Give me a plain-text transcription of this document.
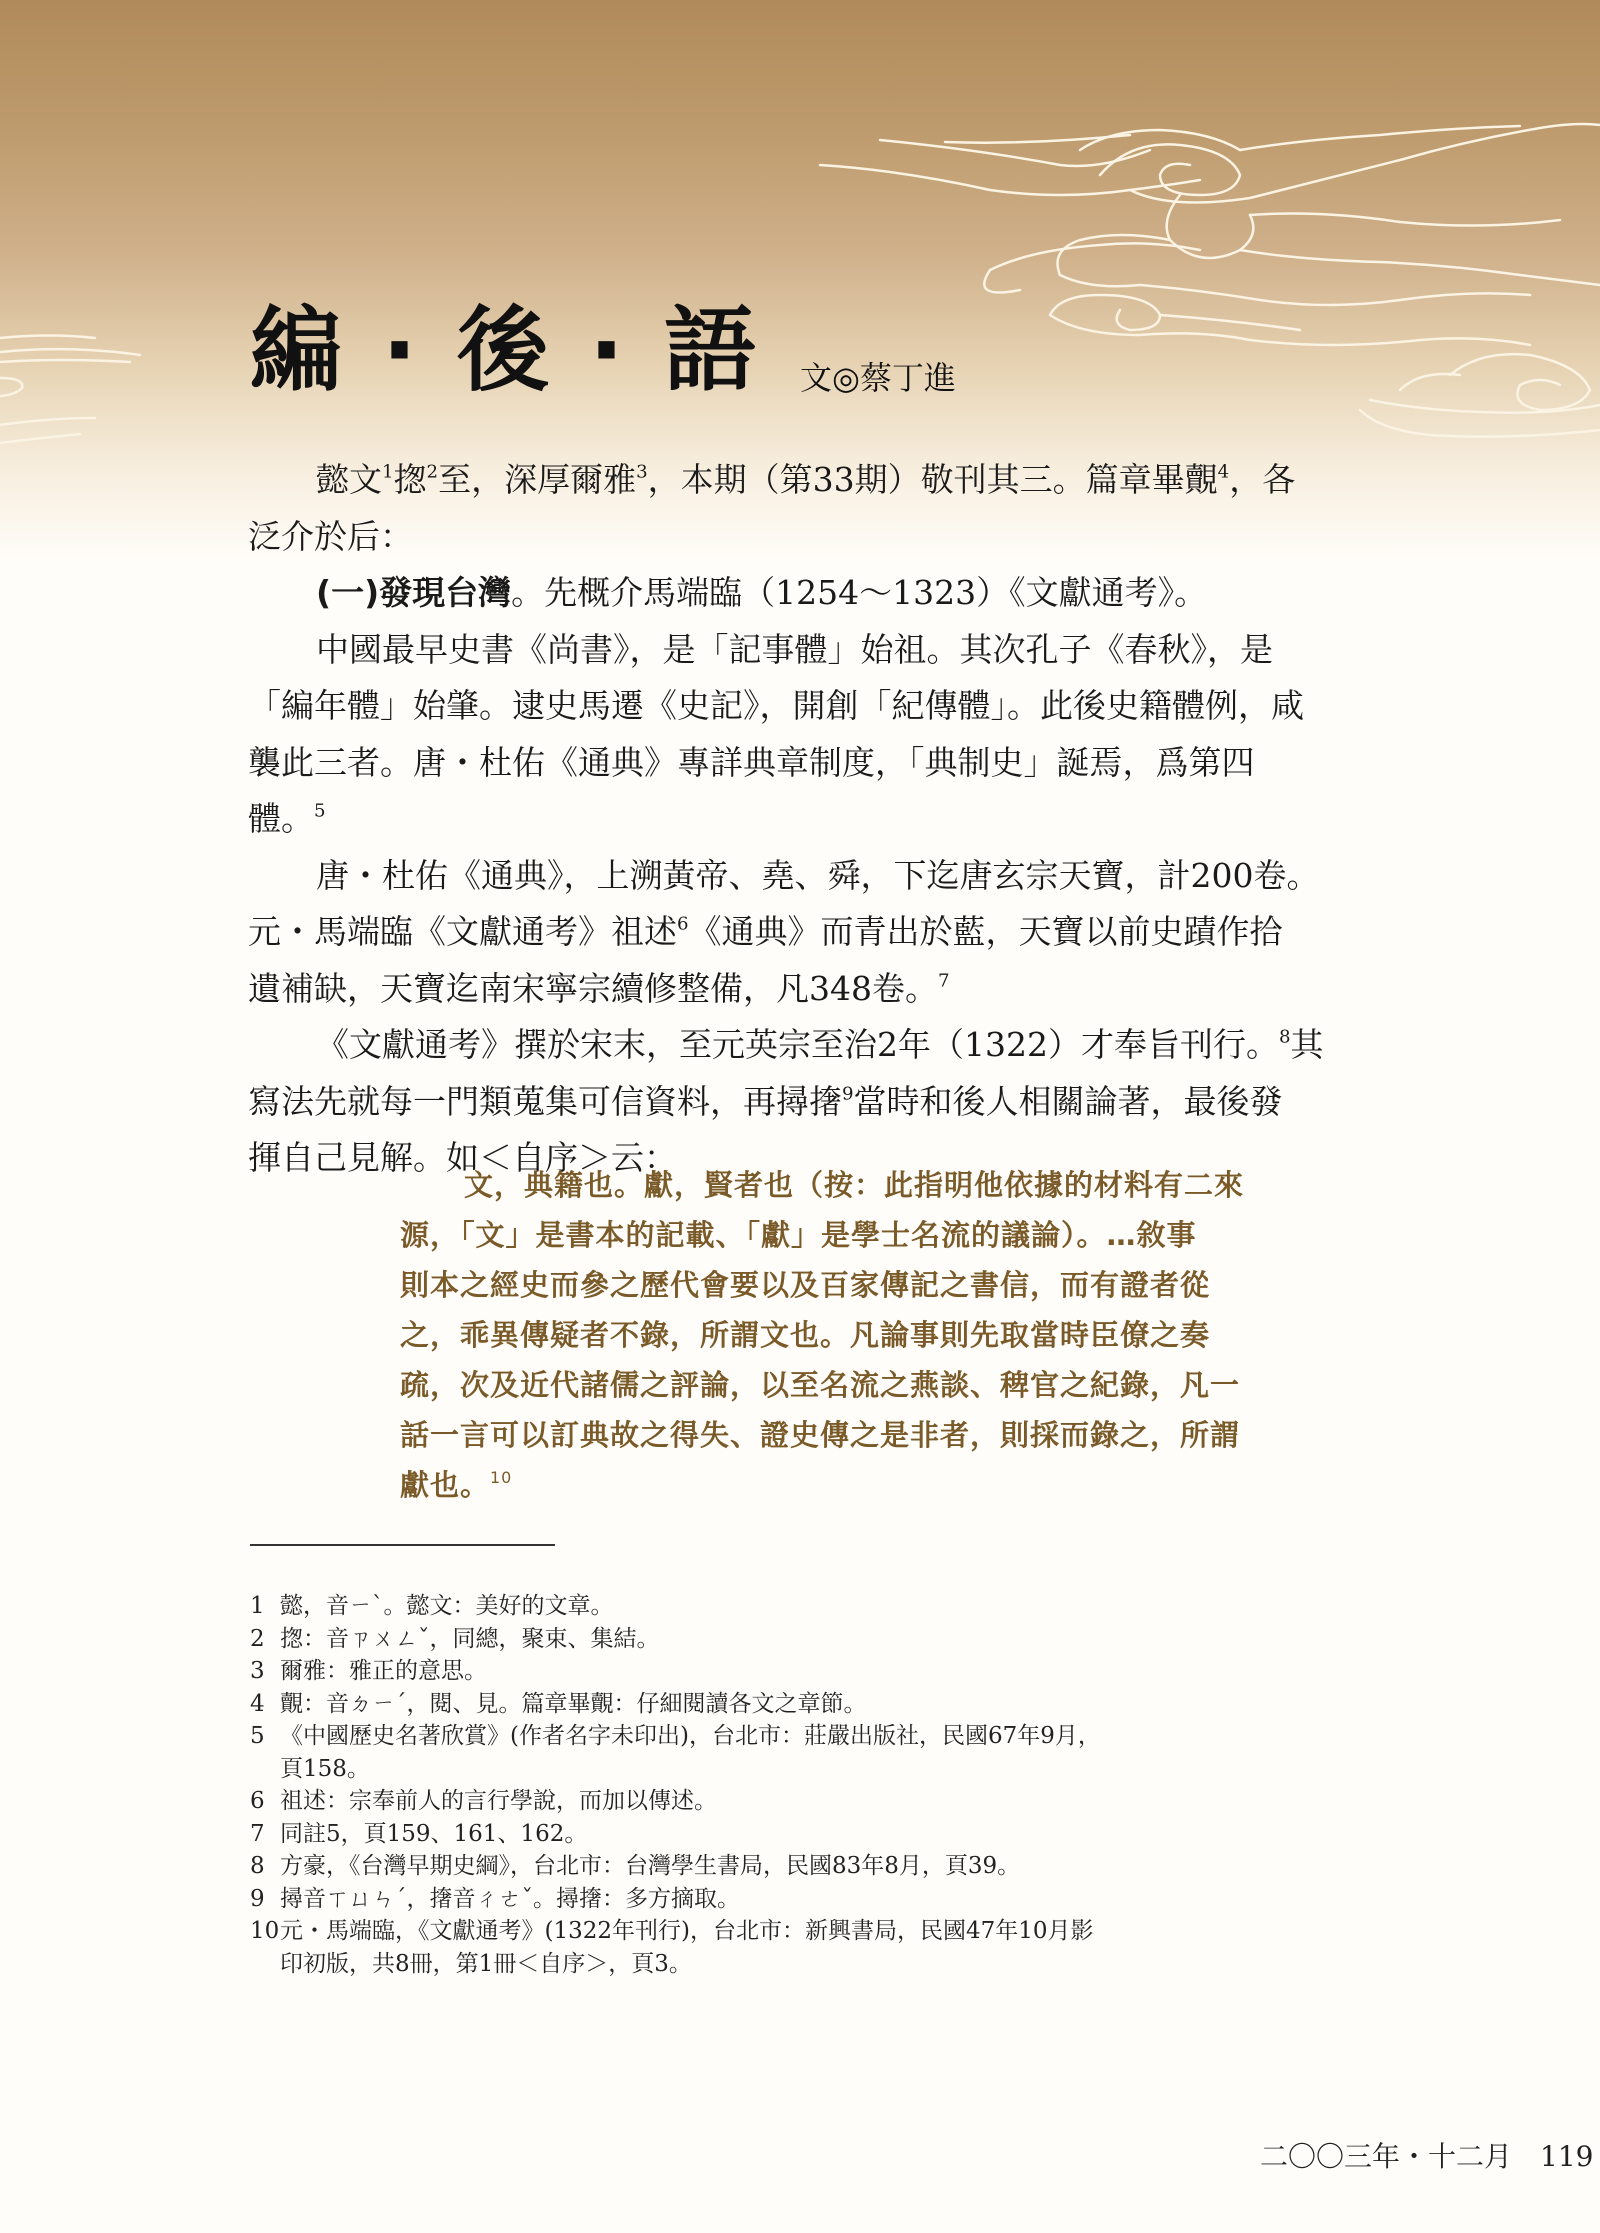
編 · 後 · 語 文◎蔡丁進
懿文$^1$揔$^2$至，深厚爾雅$^3$，本期（第33期）敬刊其三。篇章畢覿$^4$，各
泛介於后：
(一)發現台灣。先概介馬端臨（1254～1323）《文獻通考》。
中國最早史書《尚書》，是「記事體」始祖。其次孔子《春秋》，是
「編年體」始肇。逮史馬遷《史記》，開創「紀傳體」。此後史籍體例，咸
襲此三者。唐・杜佑《通典》專詳典章制度，「典制史」誕焉，爲第四
體。$^5$
唐・杜佑《通典》，上溯黃帝、堯、舜，下迄唐玄宗天寶，計200卷。
元・馬端臨《文獻通考》祖述$^6$《通典》而青出於藍，天寶以前史蹟作拾
遺補缺，天寶迄南宋寧宗續修整備，凡348卷。$^7$
《文獻通考》撰於宋末，至元英宗至治2年（1322）才奉旨刊行。$^8$其
寫法先就每一門類蒐集可信資料，再撏撦$^9$當時和後人相關論著，最後發
揮自己見解。如＜自序＞云：
文，典籍也。獻，賢者也（按：此指明他依據的材料有二來
源，「文」是書本的記載、「獻」是學士名流的議論）。…敘事
則本之經史而參之歷代會要以及百家傳記之書信，而有證者從
之，乖異傳疑者不錄，所謂文也。凡論事則先取當時臣僚之奏
疏，次及近代諸儒之評論，以至名流之燕談、稗官之紀錄，凡一
話一言可以訂典故之得失、證史傳之是非者，則採而錄之，所謂
獻也。$^{10}$
1 懿，音ㄧˋ。懿文：美好的文章。
2 揔：音ㄗㄨㄥˇ，同總，聚束、集結。
3 爾雅：雅正的意思。
4 覿：音ㄉㄧˊ，閱、見。篇章畢覿：仔細閱讀各文之章節。
5 《中國歷史名著欣賞》(作者名字未印出)，台北市：莊嚴出版社，民國67年9月，
頁158。
6 祖述：宗奉前人的言行學說，而加以傳述。
7 同註5，頁159、161、162。
8 方豪，《台灣早期史綱》，台北市：台灣學生書局，民國83年8月，頁39。
9 撏音ㄒㄩㄣˊ，撦音ㄔㄜˇ。撏撦：多方摘取。
10 元・馬端臨，《文獻通考》(1322年刊行)，台北市：新興書局，民國47年10月影
印初版，共8冊，第1冊＜自序＞，頁3。
二〇〇三年・十二月 119
